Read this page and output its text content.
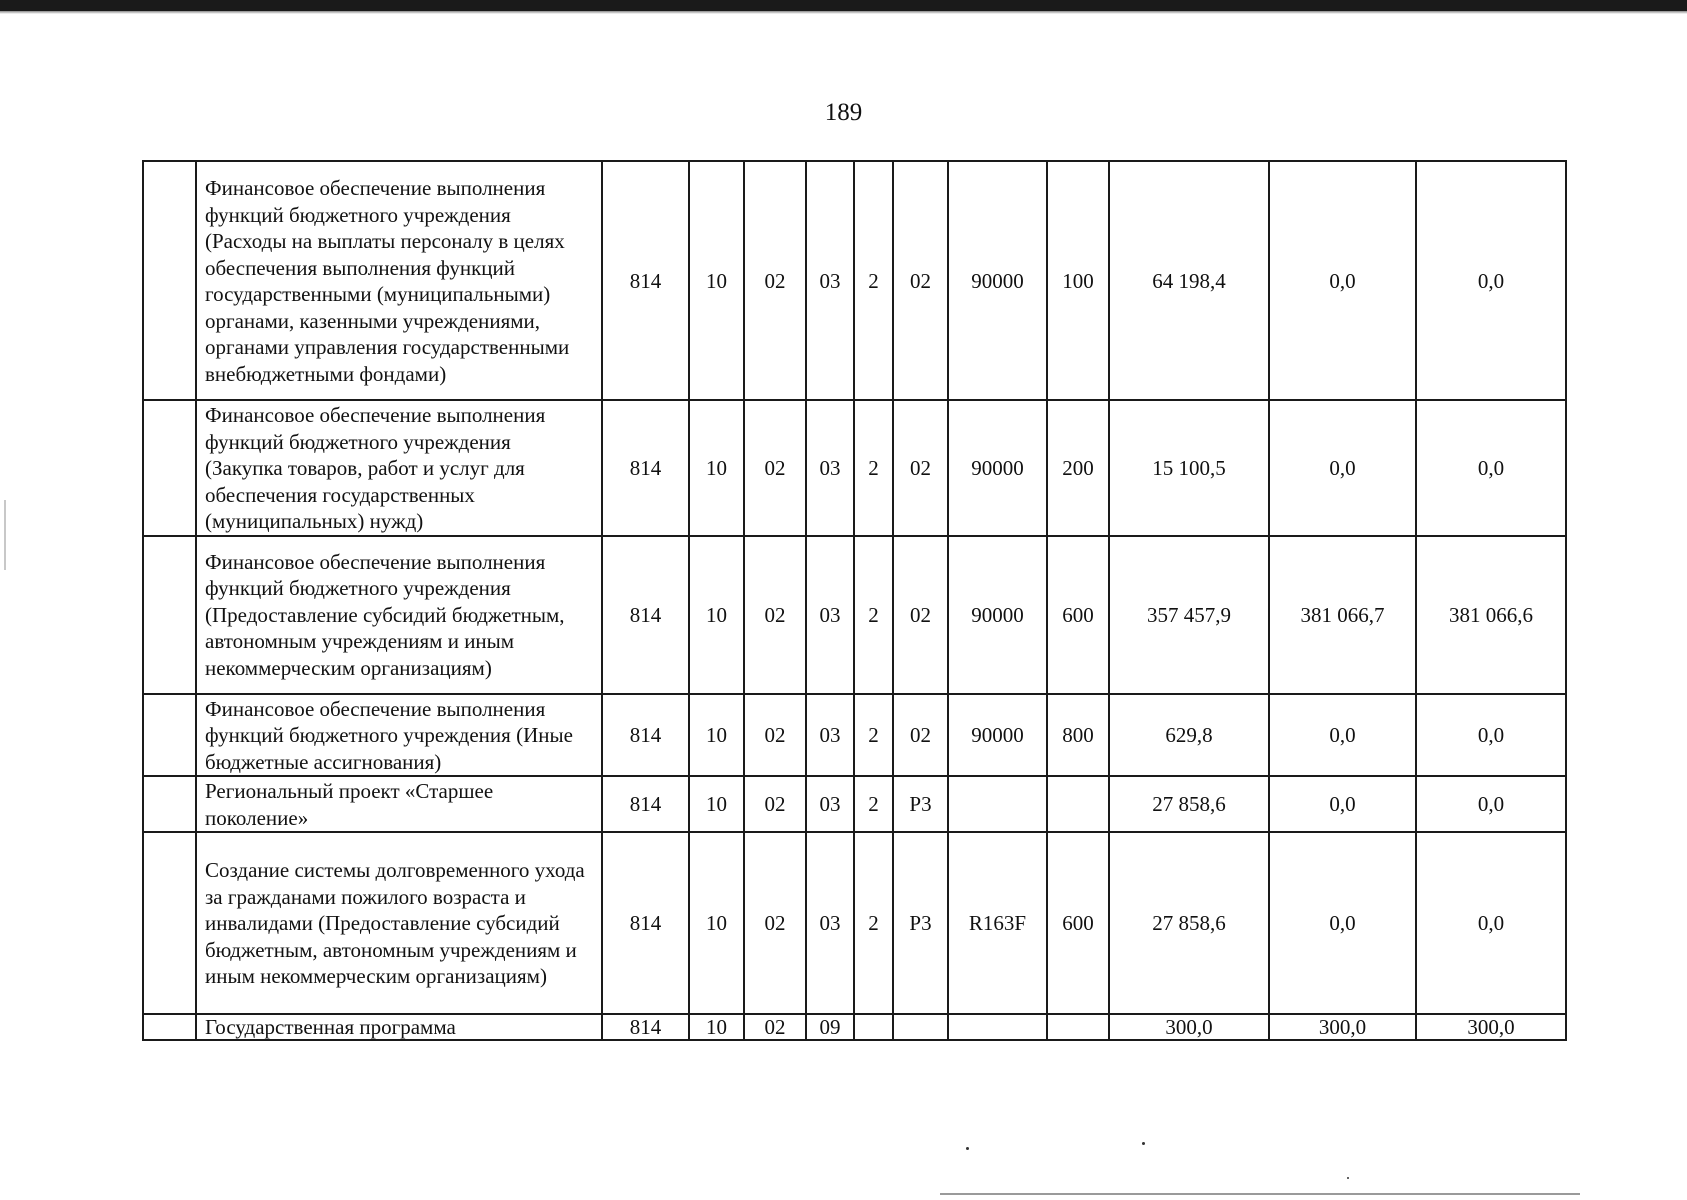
189
	Финансовое обеспечение выполнения функций бюджетного учреждения (Расходы на выплаты персоналу в целях обеспечения выполнения функций государственными (муниципальными) органами, казенными учреждениями, органами управления государственными внебюджетными фондами)	814	10	02	03	2	02	90000	100	64 198,4	0,0	0,0
	Финансовое обеспечение выполнения функций бюджетного учреждения (Закупка товаров, работ и услуг для обеспечения государственных (муниципальных) нужд)	814	10	02	03	2	02	90000	200	15 100,5	0,0	0,0
	Финансовое обеспечение выполнения функций бюджетного учреждения (Предоставление субсидий бюджетным, автономным учреждениям и иным некоммерческим организациям)	814	10	02	03	2	02	90000	600	357 457,9	381 066,7	381 066,6
	Финансовое обеспечение выполнения функций бюджетного учреждения (Иные бюджетные ассигнования)	814	10	02	03	2	02	90000	800	629,8	0,0	0,0
	Региональный проект «Старшее поколение»	814	10	02	03	2	P3			27 858,6	0,0	0,0
	Создание системы долговременного ухода за гражданами пожилого возраста и инвалидами (Предоставление субсидий бюджетным, автономным учреждениям и иным некоммерческим организациям)	814	10	02	03	2	P3	R163F	600	27 858,6	0,0	0,0
	Государственная программа	814	10	02	09					300,0	300,0	300,0
